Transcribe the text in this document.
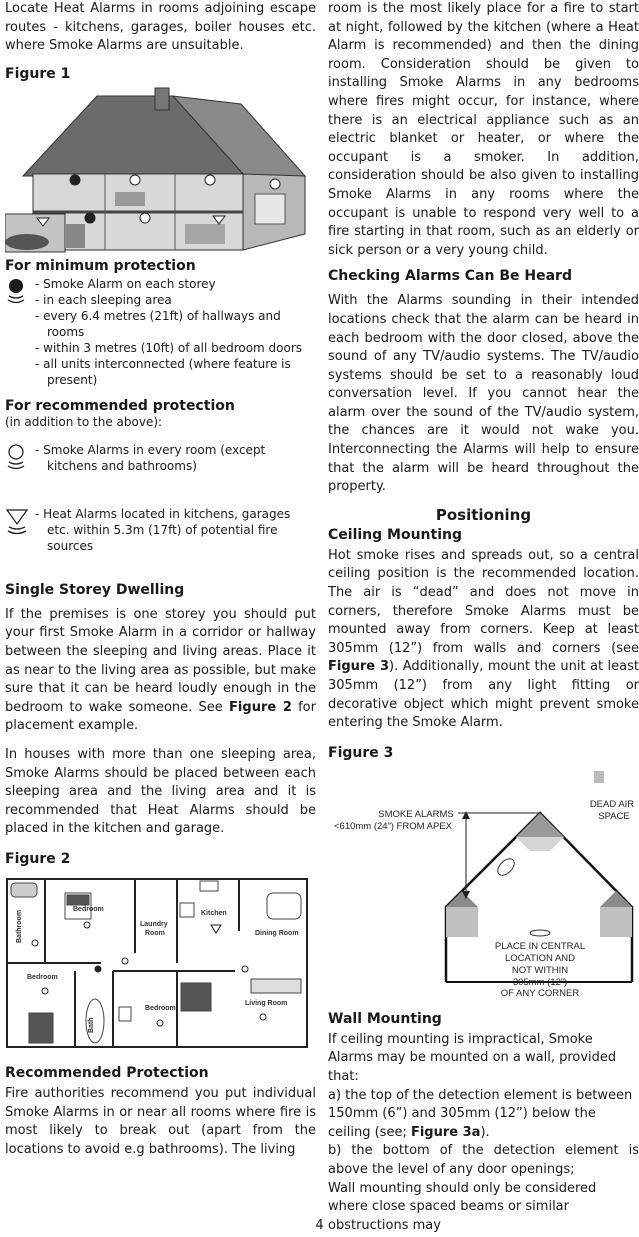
Locate Heat Alarms in rooms adjoining escape routes - kitchens, garages, boiler houses etc. where Smoke Alarms are unsuitable.

Figure 1
For minimum protection
- Smoke Alarm on each storey
- in each sleeping area
- every 6.4 metres (21ft) of hallways and rooms
- within 3 metres (10ft) of all bedroom doors
- all units interconnected (where feature is present)
For recommended protection
(in addition to the above):
- Smoke Alarms in every room (except kitchens and bathrooms)
- Heat Alarms located in kitchens, garages etc. within 5.3m (17ft) of potential fire sources
Single Storey Dwelling

If the premises is one storey you should put your first Smoke Alarm in a corridor or hallway between the sleeping and living areas. Place it as near to the living area as possible, but make sure that it can be heard loudly enough in the bedroom to wake someone. See Figure 2 for placement example.

In houses with more than one sleeping area, Smoke Alarms should be placed between each sleeping area and the living area and it is recommended that Heat Alarms should be placed in the kitchen and garage.

Figure 2
Bathroom
Bedroom
Laundry
Room
Kitchen
Dining Room
Bedroom
Bath
Bedroom
Living Room
Recommended Protection

Fire authorities recommend you put individual Smoke Alarms in or near all rooms where fire is most likely to break out (apart from the locations to avoid e.g bathrooms). The living

room is the most likely place for a fire to start at night, followed by the kitchen (where a Heat Alarm is recommended) and then the dining room. Consideration should be given to installing Smoke Alarms in any bedrooms where fires might occur, for instance, where there is an electrical appliance such as an electric blanket or heater, or where the occupant is a smoker. In addition, consideration should be also given to installing Smoke Alarms in any rooms where the occupant is unable to respond very well to a fire starting in that room, such as an elderly or sick person or a very young child.

Checking Alarms Can Be Heard

With the Alarms sounding in their intended locations check that the alarm can be heard in each bedroom with the door closed, above the sound of any TV/audio systems. The TV/audio systems should be set to a reasonably loud conversation level. If you cannot hear the alarm over the sound of the TV/audio system, the chances are it would not wake you. Interconnecting the Alarms will help to ensure that the alarm will be heard throughout the property.

Positioning
Ceiling Mounting

Hot smoke rises and spreads out, so a central ceiling position is the recommended location. The air is “dead” and does not move in corners, therefore Smoke Alarms must be mounted away from corners. Keep at least 305mm (12”) from walls and corners (see Figure 3). Additionally, mount the unit at least 305mm (12”) from any light fitting or decorative object which might prevent smoke entering the Smoke Alarm.

Figure 3
SMOKE ALARMS
<610mm (24”) FROM APEX
DEAD AIR
SPACE
PLACE IN CENTRAL
LOCATION AND
NOT WITHIN
305mm (12”)
OF ANY CORNER
Wall Mounting

If ceiling mounting is impractical, Smoke Alarms may be mounted on a wall, provided that:

a) the top of the detection element is between 150mm (6”) and 305mm (12”) below the ceiling (see; Figure 3a).

b) the bottom of the detection element is above the level of any door openings;

Wall mounting should only be considered where close spaced beams or similar obstructions may

4
